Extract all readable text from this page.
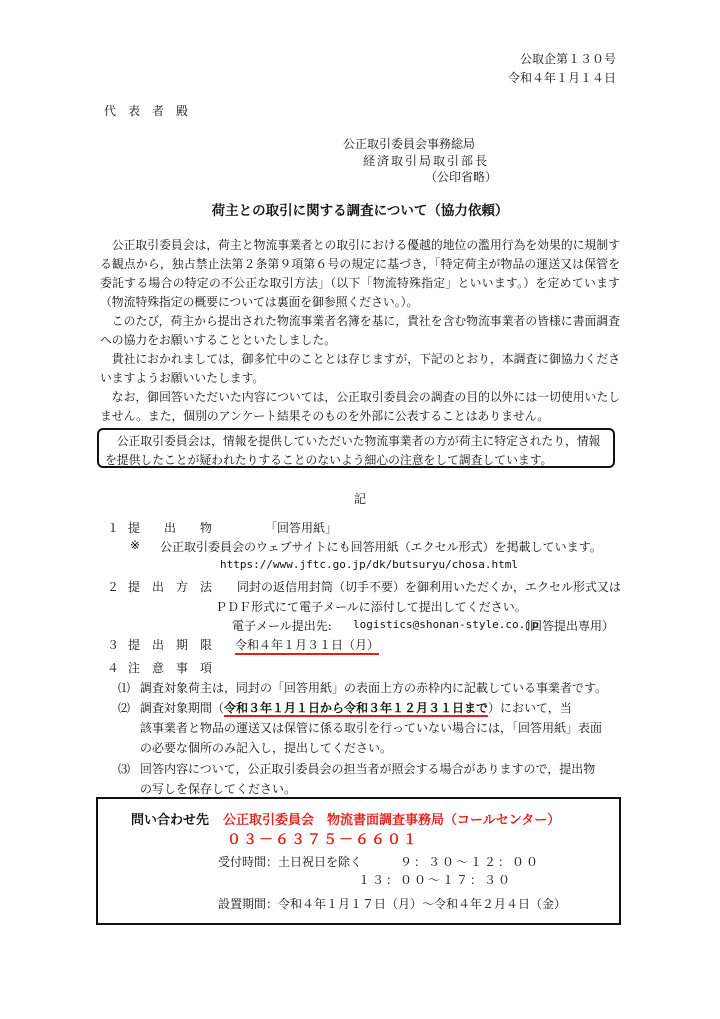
公取企第１３０号
令和４年１月１４日
代　表　者　殿
公正取引委員会事務総局
経済取引局取引部長
（公印省略）
荷主との取引に関する調査について（協力依頼）

公正取引委員会は，荷主と物流事業者との取引における優越的地位の濫用行為を効果的に規制する観点から，独占禁止法第２条第９項第６号の規定に基づき，「特定荷主が物品の運送又は保管を委託する場合の特定の不公正な取引方法」（以下「物流特殊指定」といいます。）を定めています（物流特殊指定の概要については裏面を御参照ください。）。

このたび，荷主から提出された物流事業者名簿を基に，貴社を含む物流事業者の皆様に書面調査への協力をお願いすることといたしました。

貴社におかれましては，御多忙中のこととは存じますが，下記のとおり，本調査に御協力くださいますようお願いいたします。

なお，御回答いただいた内容については，公正取引委員会の調査の目的以外には一切使用いたしません。また，個別のアンケート結果そのものを外部に公表することはありません。

公正取引委員会は，情報を提供していただいた物流事業者の方が荷主に特定されたり，情報を提供したことが疑われたりすることのないよう細心の注意をして調査しています。

記
１ 提　　出　　物	「回答用紙」
※ 公正取引委員会のウェブサイトにも回答用紙（エクセル形式）を掲載しています。
https://www.jftc.go.jp/dk/butsuryu/chosa.html
２ 提　出　方　法 同封の返信用封筒（切手不要）を御利用いただくか，エクセル形式又は
ＰＤＦ形式にて電子メールに添付して提出してください。
電子メール提出先: logistics@shonan-style.co.jp
（回答提出専用）
３ 提　出　期　限 令和４年１月３１日（月）
４ 注　意　事　項
⑴ 調査対象荷主は，同封の「回答用紙」の表面上方の赤枠内に記載している事業者です。
⑵ 調査対象期間（令和３年１月１日から令和３年１２月３１日まで）において，当
該事業者と物品の運送又は保管に係る取引を行っていない場合には，「回答用紙」表面
の必要な個所のみ記入し，提出してください。
⑶ 回答内容について，公正取引委員会の担当者が照会する場合がありますので，提出物
の写しを保存してください。
問い合わせ先 公正取引委員会　物流書面調査事務局（コールセンター）
０３－６３７５－６６０１
受付時間：土日祝日を除く	９：３０～１２：００
１３：００～１７：３０
設置期間：令和４年１月１７日（月）～令和４年２月４日（金）
